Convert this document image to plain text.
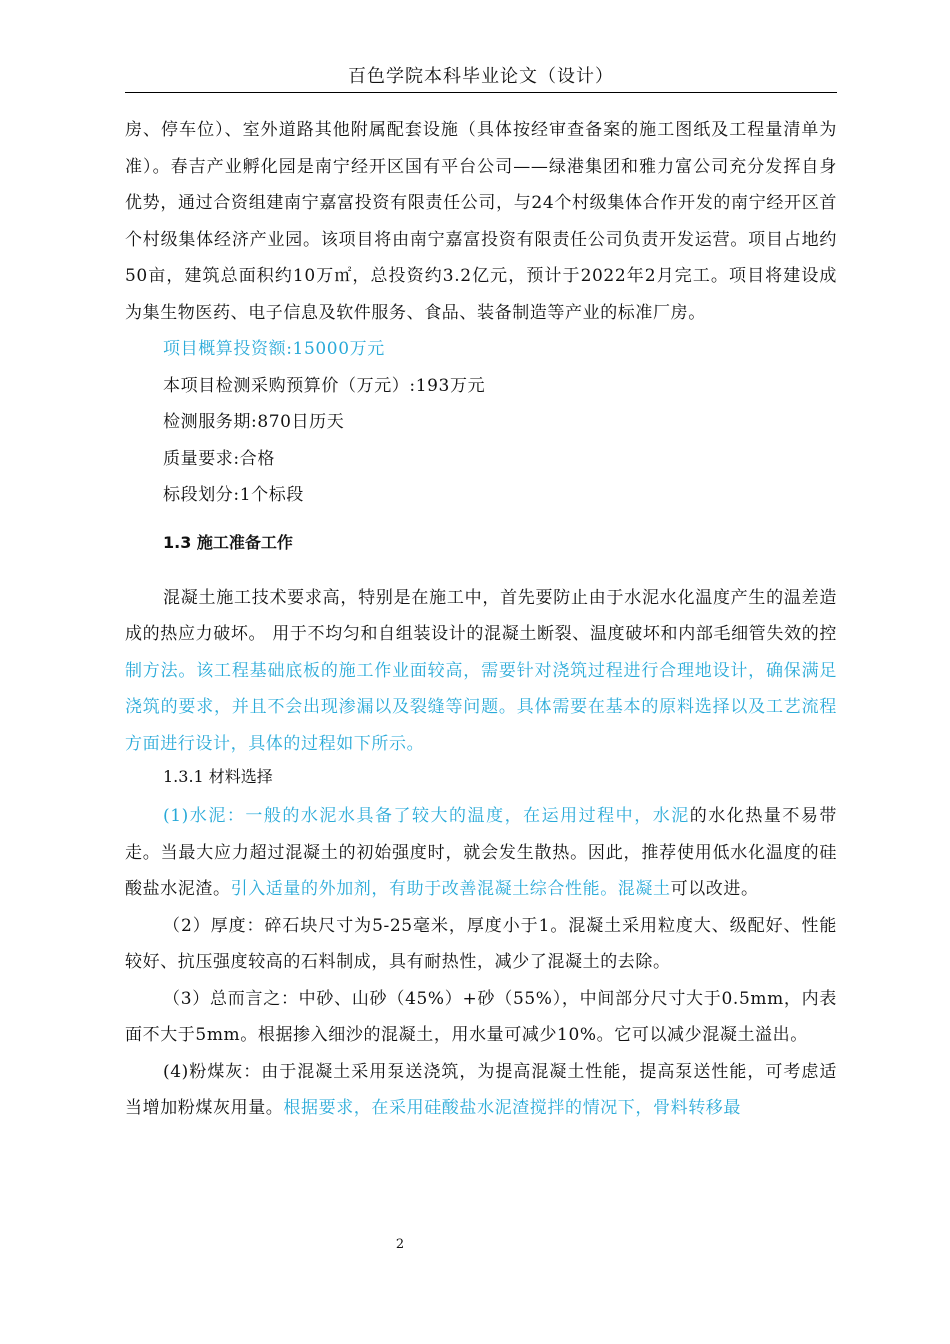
百色学院本科毕业论文（设计）

房、停车位）、室外道路其他附属配套设施（具体按经审查备案的施工图纸及工程量清单为准）。春吉产业孵化园是南宁经开区国有平台公司——绿港集团和雅力富公司充分发挥自身优势，通过合资组建南宁嘉富投资有限责任公司，与24个村级集体合作开发的南宁经开区首个村级集体经济产业园。该项目将由南宁嘉富投资有限责任公司负责开发运营。项目占地约50亩，建筑总面积约10万㎡，总投资约3.2亿元，预计于2022年2月完工。项目将建设成为集生物医药、电子信息及软件服务、食品、装备制造等产业的标准厂房。

项目概算投资额:15000万元

本项目检测采购预算价（万元）:193万元

检测服务期:870日历天

质量要求:合格

标段划分:1个标段

1.3 施工准备工作

混凝土施工技术要求高，特别是在施工中，首先要防止由于水泥水化温度产生的温差造成的热应力破坏。 用于不均匀和自组装设计的混凝土断裂、温度破坏和内部毛细管失效的控制方法。该工程基础底板的施工作业面较高，需要针对浇筑过程进行合理地设计，确保满足浇筑的要求，并且不会出现渗漏以及裂缝等问题。具体需要在基本的原料选择以及工艺流程方面进行设计，具体的过程如下所示。

1.3.1 材料选择

(1)水泥：一般的水泥水具备了较大的温度，在运用过程中，水泥的水化热量不易带走。当最大应力超过混凝土的初始强度时，就会发生散热。因此，推荐使用低水化温度的硅酸盐水泥渣。引入适量的外加剂，有助于改善混凝土综合性能。混凝土可以改进。

（2）厚度：碎石块尺寸为5-25毫米，厚度小于1。混凝土采用粒度大、级配好、性能较好、抗压强度较高的石料制成，具有耐热性，减少了混凝土的去除。

（3）总而言之：中砂、山砂（45%）+砂（55%），中间部分尺寸大于0.5mm，内表面不大于5mm。根据掺入细沙的混凝土，用水量可减少10%。它可以减少混凝土溢出。

(4)粉煤灰：由于混凝土采用泵送浇筑，为提高混凝土性能，提高泵送性能，可考虑适当增加粉煤灰用量。根据要求，在采用硅酸盐水泥渣搅拌的情况下，骨料转移最

2
